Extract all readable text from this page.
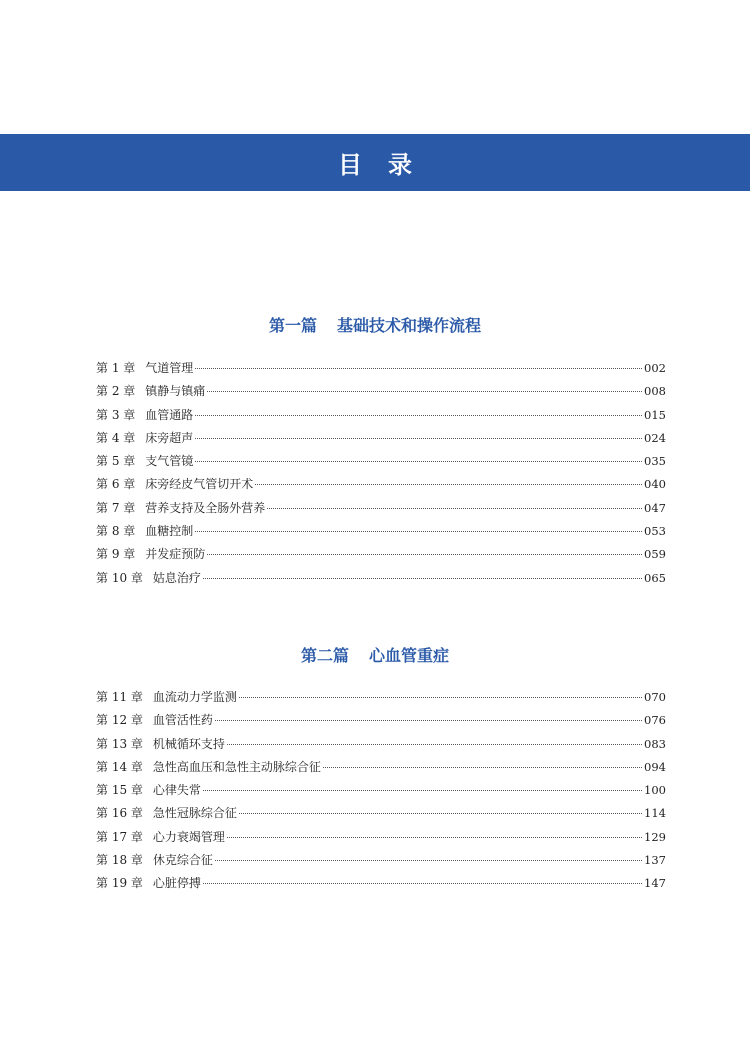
目录
第一篇 基础技术和操作流程
第 1 章 气道管理	002
第 2 章 镇静与镇痛	008
第 3 章 血管通路	015
第 4 章 床旁超声	024
第 5 章 支气管镜	035
第 6 章 床旁经皮气管切开术	040
第 7 章 营养支持及全肠外营养	047
第 8 章 血糖控制	053
第 9 章 并发症预防	059
第 10 章 姑息治疗	065
第二篇 心血管重症
第 11 章 血流动力学监测	070
第 12 章 血管活性药	076
第 13 章 机械循环支持	083
第 14 章 急性高血压和急性主动脉综合征	094
第 15 章 心律失常	100
第 16 章 急性冠脉综合征	114
第 17 章 心力衰竭管理	129
第 18 章 休克综合征	137
第 19 章 心脏停搏	147
